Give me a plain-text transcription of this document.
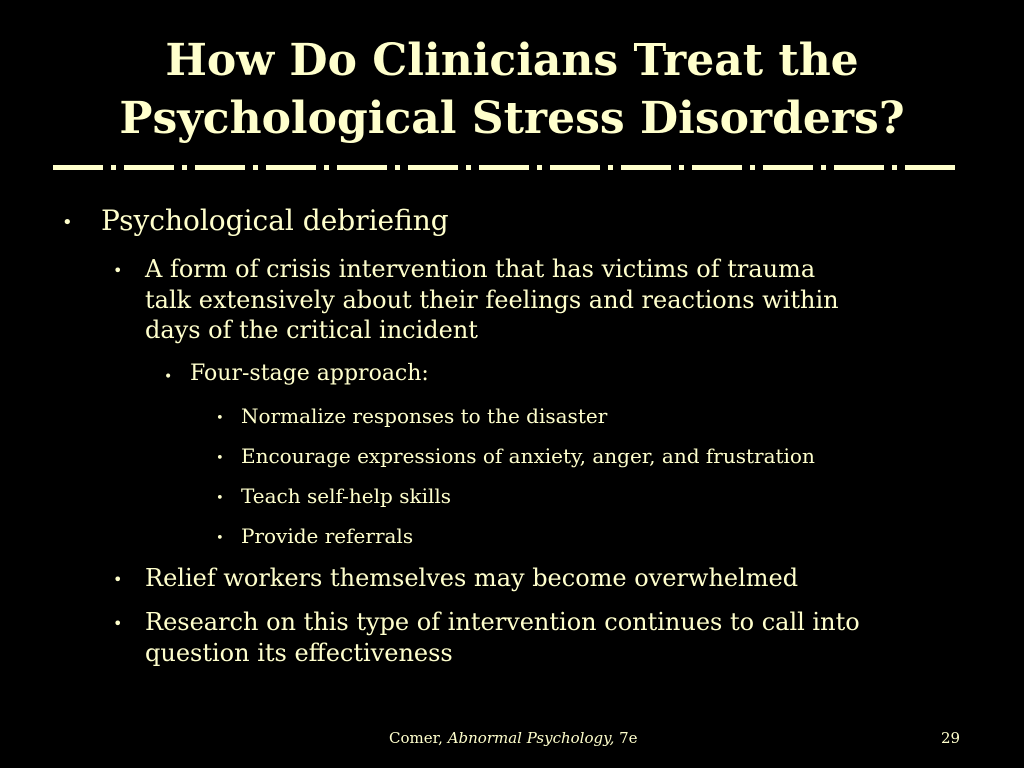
How Do Clinicians Treat the
Psychological Stress Disorders?
• Psychological debriefing
• A form of crisis intervention that has victims of trauma
talk extensively about their feelings and reactions within
days of the critical incident
• Four-stage approach:
• Normalize responses to the disaster
• Encourage expressions of anxiety, anger, and frustration
• Teach self-help skills
• Provide referrals
• Relief workers themselves may become overwhelmed
• Research on this type of intervention continues to call into
question its effectiveness
Comer, Abnormal Psychology, 7e	29
